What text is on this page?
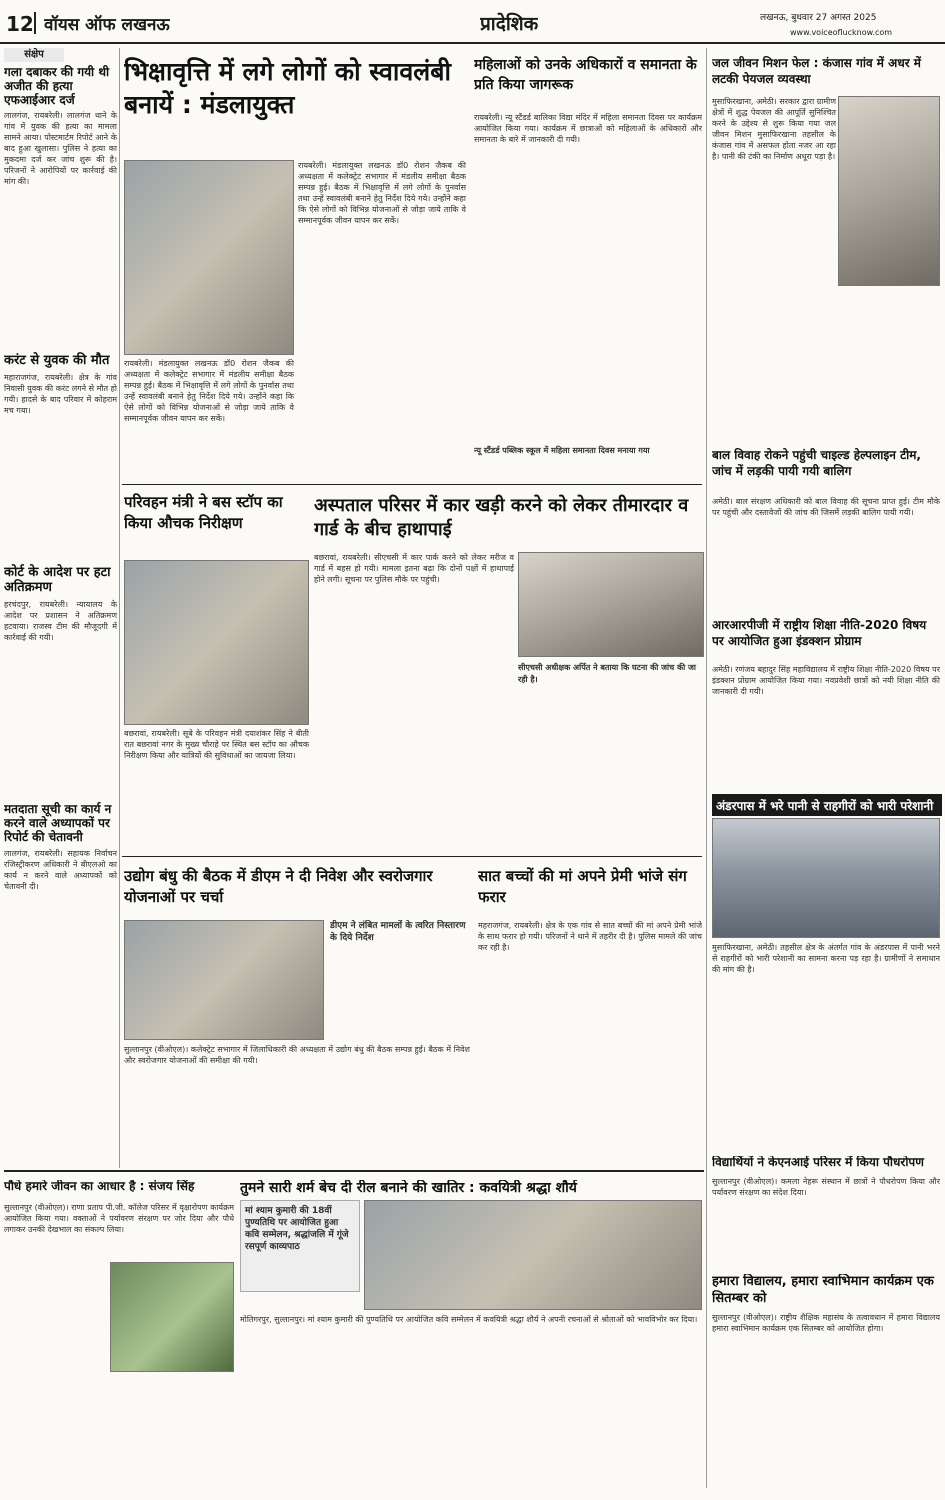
12 वॉयस ऑफ लखनऊ	प्रादेशिक	लखनऊ, बुधवार 27 अगस्त 2025
www.voiceoflucknow.com
संक्षेप
गला दबाकर की गयी थी अजीत की हत्या एफआईआर दर्ज
लालगंज, रायबरेली। लालगंज थाने के गांव में युवक की हत्या का मामला सामने आया। पोस्टमार्टम रिपोर्ट आने के बाद हुआ खुलासा। पुलिस ने हत्या का मुकदमा दर्ज कर जांच शुरू की है। परिजनों ने आरोपियों पर कार्रवाई की मांग की।
करंट से युवक की मौत
महाराजगंज, रायबरेली। क्षेत्र के गांव निवासी युवक की करंट लगने से मौत हो गयी। हादसे के बाद परिवार में कोहराम मच गया।
कोर्ट के आदेश पर हटा अतिक्रमण
हरचंदपुर, रायबरेली। न्यायालय के आदेश पर प्रशासन ने अतिक्रमण हटवाया। राजस्व टीम की मौजूदगी में कार्रवाई की गयी।
मतदाता सूची का कार्य न करने वाले अध्यापकों पर रिपोर्ट की चेतावनी
लालगंज, रायबरेली। सहायक निर्वाचन रजिस्ट्रीकरण अधिकारी ने बीएलओ का कार्य न करने वाले अध्यापकों को चेतावनी दी।
भिक्षावृत्ति में लगे लोगों को स्वावलंबी बनायें : मंडलायुक्त
रायबरेली। मंडलायुक्त लखनऊ डॉ0 रोशन जैकब की अध्यक्षता में कलेक्ट्रेट सभागार में मंडलीय समीक्षा बैठक सम्पन्न हुई। बैठक में भिक्षावृत्ति में लगे लोगों के पुनर्वास तथा उन्हें स्वावलंबी बनाने हेतु निर्देश दिये गये। उन्होंने कहा कि ऐसे लोगों को विभिन्न योजनाओं से जोड़ा जाये ताकि वे सम्मानपूर्वक जीवन यापन कर सकें।
रायबरेली। मंडलायुक्त लखनऊ डॉ0 रोशन जैकब की अध्यक्षता में कलेक्ट्रेट सभागार में मंडलीय समीक्षा बैठक सम्पन्न हुई। बैठक में भिक्षावृत्ति में लगे लोगों के पुनर्वास तथा उन्हें स्वावलंबी बनाने हेतु निर्देश दिये गये। उन्होंने कहा कि ऐसे लोगों को विभिन्न योजनाओं से जोड़ा जाये ताकि वे सम्मानपूर्वक जीवन यापन कर सकें।
महिलाओं को उनके अधिकारों व समानता के प्रति किया जागरूक
रायबरेली। न्यू स्टैंडर्ड बालिका विद्या मंदिर में महिला समानता दिवस पर कार्यक्रम आयोजित किया गया। कार्यक्रम में छात्राओं को महिलाओं के अधिकारों और समानता के बारे में जानकारी दी गयी।
न्यू स्टैंडर्ड पब्लिक स्कूल में महिला समानता दिवस मनाया गया
जल जीवन मिशन फेल : कंजास गांव में अधर में लटकी पेयजल व्यवस्था
मुसाफिरखाना, अमेठी। सरकार द्वारा ग्रामीण क्षेत्रों में शुद्ध पेयजल की आपूर्ति सुनिश्चित करने के उद्देश्य से शुरू किया गया जल जीवन मिशन मुसाफिरखाना तहसील के कंजास गांव में असफल होता नजर आ रहा है। पानी की टंकी का निर्माण अधूरा पड़ा है।
बाल विवाह रोकने पहुंची चाइल्ड हेल्पलाइन टीम, जांच में लड़की पायी गयी बालिग
अमेठी। बाल संरक्षण अधिकारी को बाल विवाह की सूचना प्राप्त हुई। टीम मौके पर पहुंची और दस्तावेजों की जांच की जिसमें लड़की बालिग पायी गयी।
आरआरपीजी में राष्ट्रीय शिक्षा नीति-2020 विषय पर आयोजित हुआ इंडक्शन प्रोग्राम
अमेठी। रणंजय बहादुर सिंह महाविद्यालय में राष्ट्रीय शिक्षा नीति-2020 विषय पर इंडक्शन प्रोग्राम आयोजित किया गया। नवप्रवेशी छात्रों को नयी शिक्षा नीति की जानकारी दी गयी।
अंडरपास में भरे पानी से राहगीरों को भारी परेशानी
मुसाफिरखाना, अमेठी। तहसील क्षेत्र के अंतर्गत गांव के अंडरपास में पानी भरने से राहगीरों को भारी परेशानी का सामना करना पड़ रहा है। ग्रामीणों ने समाधान की मांग की है।
विद्यार्थियों ने केएनआई परिसर में किया पौधरोपण
सुल्तानपुर (वीओएल)। कमला नेहरू संस्थान में छात्रों ने पौधरोपण किया और पर्यावरण संरक्षण का संदेश दिया।
हमारा विद्यालय, हमारा स्वाभिमान कार्यक्रम एक सितम्बर को
सुल्तानपुर (वीओएल)। राष्ट्रीय शैक्षिक महासंघ के तत्वावधान में हमारा विद्यालय हमारा स्वाभिमान कार्यक्रम एक सितम्बर को आयोजित होगा।
परिवहन मंत्री ने बस स्टॉप का किया औचक निरीक्षण
बछरावां, रायबरेली। सूबे के परिवहन मंत्री दयाशंकर सिंह ने बीती रात बछरावां नगर के मुख्य चौराहे पर स्थित बस स्टॉप का औचक निरीक्षण किया और यात्रियों की सुविधाओं का जायजा लिया।
अस्पताल परिसर में कार खड़ी करने को लेकर तीमारदार व गार्ड के बीच हाथापाई
बछरावां, रायबरेली। सीएचसी में कार पार्क करने को लेकर मरीज व गार्ड में बहस हो गयी। मामला इतना बढ़ा कि दोनों पक्षों में हाथापाई होने लगी। सूचना पर पुलिस मौके पर पहुंची।
सीएचसी अधीक्षक अर्पित ने बताया कि घटना की जांच की जा रही है।
उद्योग बंधु की बैठक में डीएम ने दी निवेश और स्वरोजगार योजनाओं पर चर्चा
डीएम ने लंबित मामलों के त्वरित निस्तारण के दिये निर्देश
सुल्तानपुर (वीओएल)। कलेक्ट्रेट सभागार में जिलाधिकारी की अध्यक्षता में उद्योग बंधु की बैठक सम्पन्न हुई। बैठक में निवेश और स्वरोजगार योजनाओं की समीक्षा की गयी।
सात बच्चों की मां अपने प्रेमी भांजे संग फरार
महराजगंज, रायबरेली। क्षेत्र के एक गांव से सात बच्चों की मां अपने प्रेमी भांजे के साथ फरार हो गयी। परिजनों ने थाने में तहरीर दी है। पुलिस मामले की जांच कर रही है।
पौधे हमारे जीवन का आधार है : संजय सिंह
सुल्तानपुर (वीओएल)। राणा प्रताप पी.जी. कॉलेज परिसर में वृक्षारोपण कार्यक्रम आयोजित किया गया। वक्ताओं ने पर्यावरण संरक्षण पर जोर दिया और पौधे लगाकर उनकी देखभाल का संकल्प लिया।
तुमने सारी शर्म बेच दी रील बनाने की खातिर : कवयित्री श्रद्धा शौर्य
मां श्याम कुमारी की 18वीं पुण्यतिथि पर आयोजित हुआ कवि सम्मेलन, श्रद्धांजलि में गूंजे रसपूर्ण काव्यपाठ
मोतिगरपुर, सुल्तानपुर। मां श्याम कुमारी की पुण्यतिथि पर आयोजित कवि सम्मेलन में कवयित्री श्रद्धा शौर्य ने अपनी रचनाओं से श्रोताओं को भावविभोर कर दिया।
